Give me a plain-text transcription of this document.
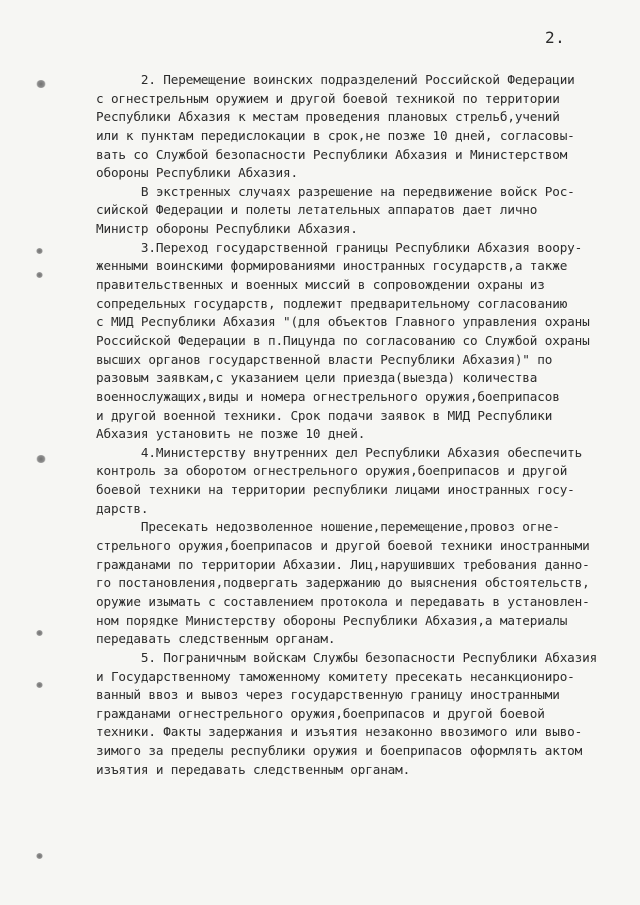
2.
2. Перемещение воинских подразделений Российской Федерации
с огнестрельным оружием и другой боевой техникой по территории
Республики Абхазия к местам проведения плановых стрельб,учений
или к пунктам передислокации в срок,не позже 10 дней, согласовы-
вать со Службой безопасности Республики Абхазия и Министерством
обороны Республики Абхазия.
В экстренных случаях разрешение на передвижение войск Рос-
сийской Федерации и полеты летательных аппаратов дает лично
Министр обороны Республики Абхазия.
3.Переход государственной границы Республики Абхазия воору-
женными воинскими формированиями иностранных государств,а также
правительственных и военных миссий в сопровождении охраны из
сопредельных государств, подлежит предварительному согласованию
с МИД Республики Абхазия "(для объектов Главного управления охраны
Российской Федерации в п.Пицунда по согласованию со Службой охраны
высших органов государственной власти Республики Абхазия)" по
разовым заявкам,с указанием цели приезда(выезда) количества
военнослужащих,виды и номера огнестрельного оружия,боеприпасов
и другой военной техники. Срок подачи заявок в МИД Республики
Абхазия установить не позже 10 дней.
4.Министерству внутренних дел Республики Абхазия обеспечить
контроль за оборотом огнестрельного оружия,боеприпасов и другой
боевой техники на территории республики лицами иностранных госу-
дарств.
Пресекать недозволенное ношение,перемещение,провоз огне-
стрельного оружия,боеприпасов и другой боевой техники иностранными
гражданами по территории Абхазии. Лиц,нарушивших требования данно-
го постановления,подвергать задержанию до выяснения обстоятельств,
оружие изымать с составлением протокола и передавать в установлен-
ном порядке Министерству обороны Республики Абхазия,а материалы
передавать следственным органам.
5. Пограничным войскам Службы безопасности Республики Абхазия
и Государственному таможенному комитету пресекать несанкциониро-
ванный ввоз и вывоз через государственную границу иностранными
гражданами огнестрельного оружия,боеприпасов и другой боевой
техники. Факты задержания и изъятия незаконно ввозимого или выво-
зимого за пределы республики оружия и боеприпасов оформлять актом
изъятия и передавать следственным органам.
